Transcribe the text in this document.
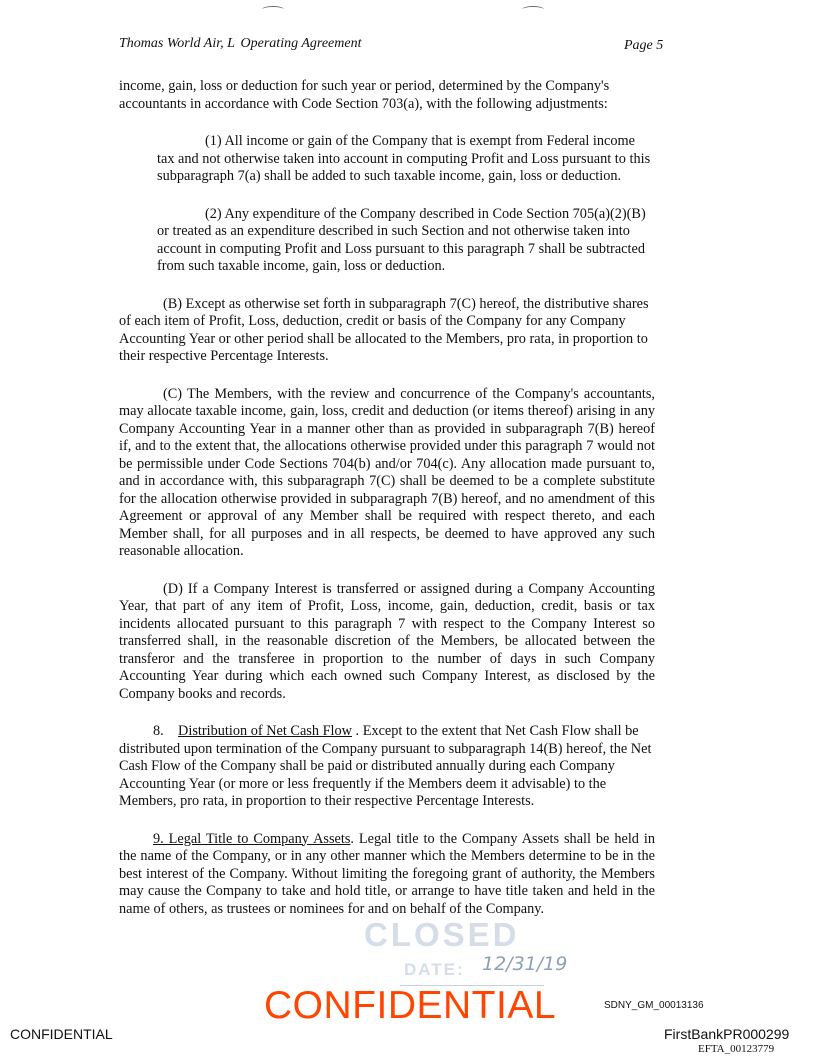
Thomas World Air, L  Operating Agreement	Page 5

income, gain, loss or deduction for such year or period, determined by the Company's accountants in accordance with Code Section 703(a), with the following adjustments:

(1) All income or gain of the Company that is exempt from Federal income tax and not otherwise taken into account in computing Profit and Loss pursuant to this subparagraph 7(a) shall be added to such taxable income, gain, loss or deduction.

(2) Any expenditure of the Company described in Code Section 705(a)(2)(B) or treated as an expenditure described in such Section and not otherwise taken into account in computing Profit and Loss pursuant to this paragraph 7 shall be subtracted from such taxable income, gain, loss or deduction.

(B) Except as otherwise set forth in subparagraph 7(C) hereof, the distributive shares of each item of Profit, Loss, deduction, credit or basis of the Company for any Company Accounting Year or other period shall be allocated to the Members, pro rata, in proportion to their respective Percentage Interests.

(C) The Members, with the review and concurrence of the Company's accountants, may allocate taxable income, gain, loss, credit and deduction (or items thereof) arising in any Company Accounting Year in a manner other than as provided in subparagraph 7(B) hereof if, and to the extent that, the allocations otherwise provided under this paragraph 7 would not be permissible under Code Sections 704(b) and/or 704(c). Any allocation made pursuant to, and in accordance with, this subparagraph 7(C) shall be deemed to be a complete substitute for the allocation otherwise provided in subparagraph 7(B) hereof, and no amendment of this Agreement or approval of any Member shall be required with respect thereto, and each Member shall, for all purposes and in all respects, be deemed to have approved any such reasonable allocation.

(D) If a Company Interest is transferred or assigned during a Company Accounting Year, that part of any item of Profit, Loss, income, gain, deduction, credit, basis or tax incidents allocated pursuant to this paragraph 7 with respect to the Company Interest so transferred shall, in the reasonable discretion of the Members, be allocated between the transferor and the transferee in proportion to the number of days in such Company Accounting Year during which each owned such Company Interest, as disclosed by the Company books and records.

8. Distribution of Net Cash Flow . Except to the extent that Net Cash Flow shall be distributed upon termination of the Company pursuant to subparagraph 14(B) hereof, the Net Cash Flow of the Company shall be paid or distributed annually during each Company Accounting Year (or more or less frequently if the Members deem it advisable) to the Members, pro rata, in proportion to their respective Percentage Interests.

9. Legal Title to Company Assets. Legal title to the Company Assets shall be held in the name of the Company, or in any other manner which the Members determine to be in the best interest of the Company. Without limiting the foregoing grant of authority, the Members may cause the Company to take and hold title, or arrange to have title taken and held in the name of others, as trustees or nominees for and on behalf of the Company.

CLOSED
DATE: 12/31/19
CONFIDENTIAL
CONFIDENTIAL
SDNY_GM_00013136
FirstBankPR000299
EFTA_00123779
